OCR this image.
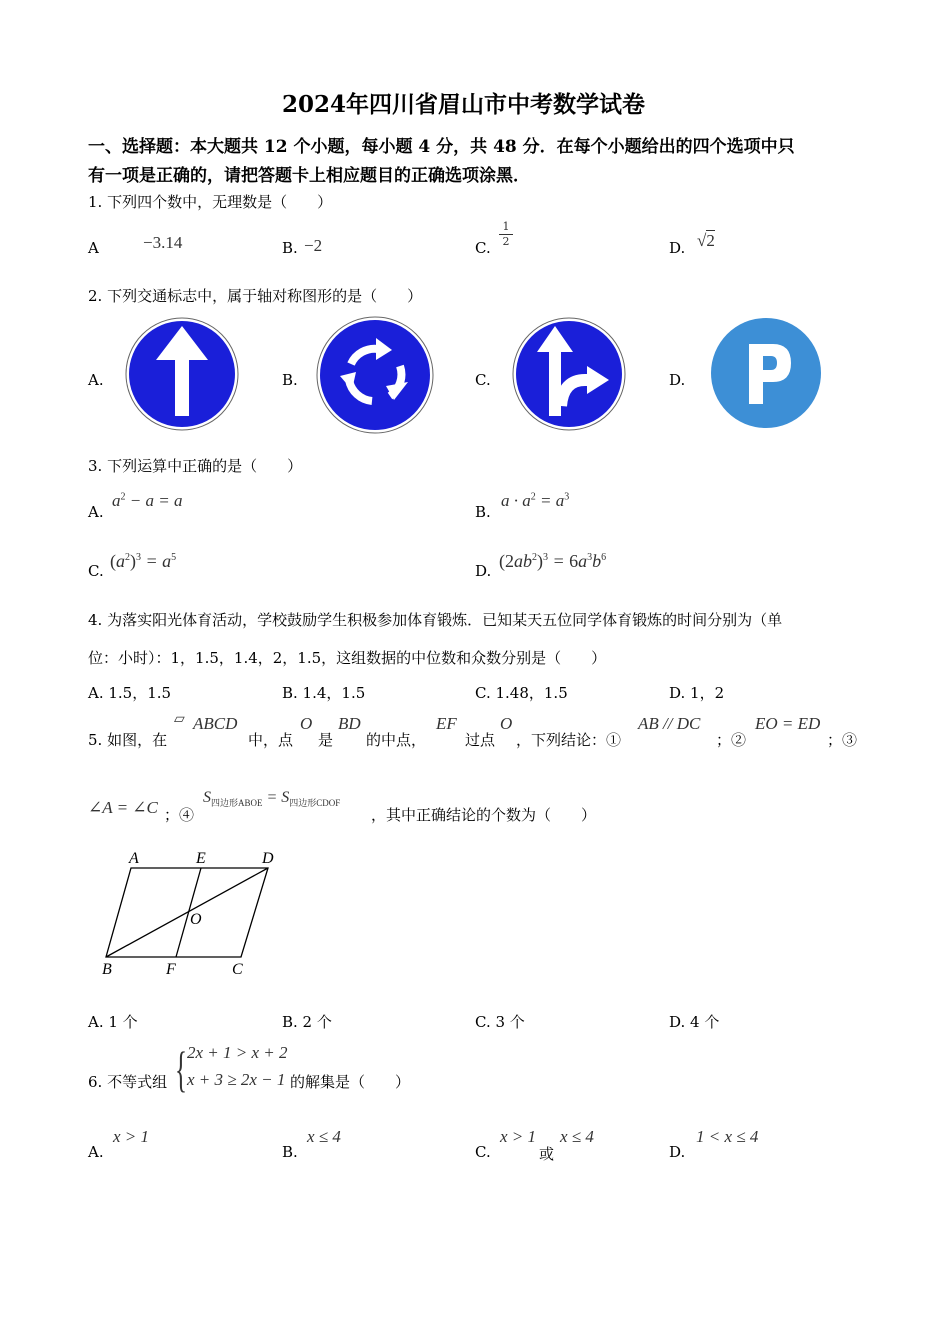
2024年四川省眉山市中考数学试卷
一、选择题：本大题共 12 个小题，每小题 4 分，共 48 分．在每个小题给出的四个选项中只
有一项是正确的，请把答题卡上相应题目的正确选项涂黑．
1. 下列四个数中，无理数是（　　）
A	−3.14	B. −2	C.
1
2	D. √2
2. 下列交通标志中，属于轴对称图形的是（　　）
A.	B.	C.	D.
3. 下列运算中正确的是（　　）
A.
$a^2 - a = a$
B.
$a \cdot a^2 = a^3$
C. $(a^2)^3 = a^5$
D. $(2ab^2)^3 = 6a^3b^6$
4. 为落实阳光体育活动，学校鼓励学生积极参加体育锻炼．已知某天五位同学体育锻炼的时间分别为（单
位：小时）：1，1.5，1.4，2，1.5，这组数据的中位数和众数分别是（　　）
A. 1.5，1.5	B. 1.4，1.5	C. 1.48，1.5	D. 1，2
5. 如图，在
▱ ABCD
中，点
O
是
BD
的中点，
EF
过点
O
，下列结论：①
AB // DC
；②
EO = ED
；③
∠A = ∠C ；④
$S_{四边形ABOE} = S_{四边形CDOF}$
，其中正确结论的个数为（　　）
A	E	D
O
B	F	C
A. 1 个	B. 2 个	C. 3 个	D. 4 个
6. 不等式组 { 2x + 1 > x + 2
x + 3 ≥ 2x − 1 的解集是（　　）
A.
x > 1
B.
x ≤ 4
C.
x > 1
或
x ≤ 4
D.
1 < x ≤ 4
